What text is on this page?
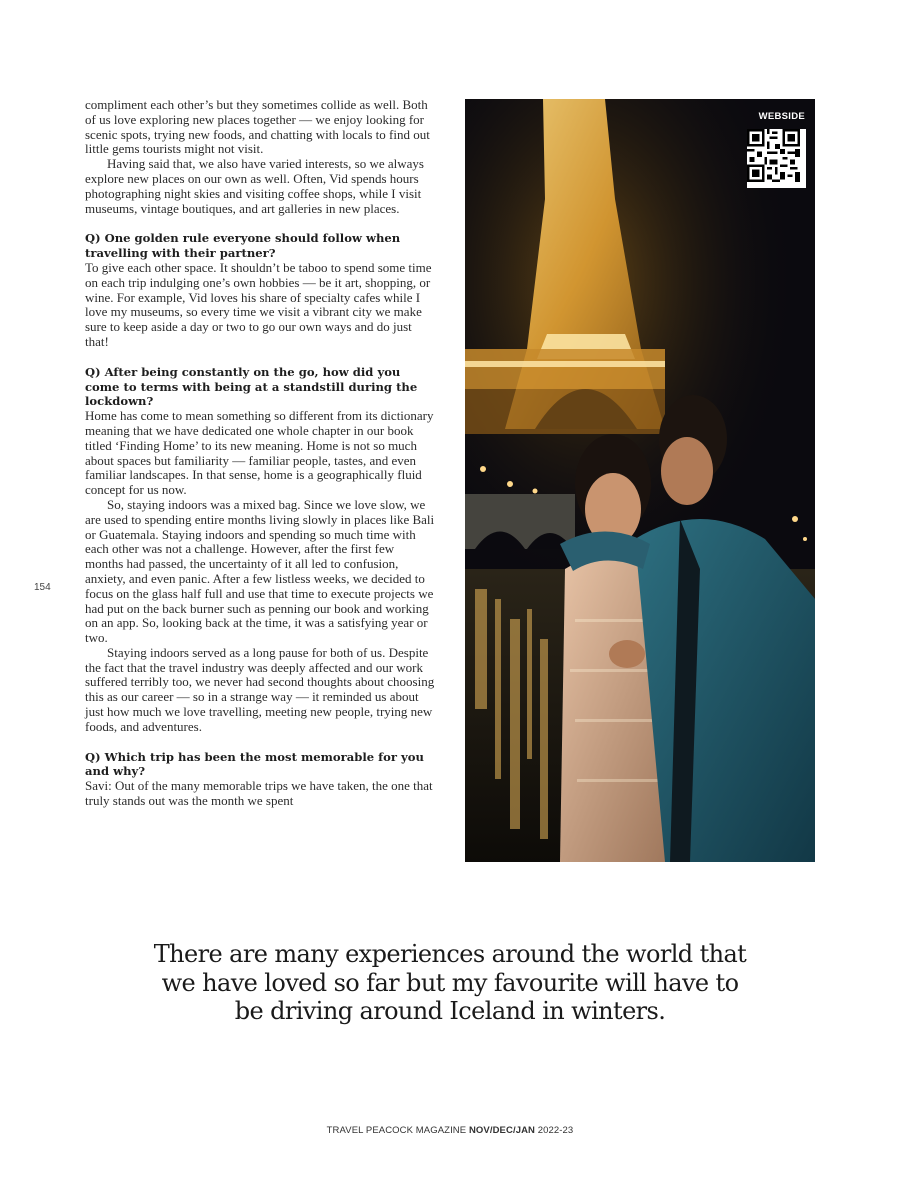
compliment each other’s but they sometimes collide as well. Both of us love exploring new places together — we enjoy looking for scenic spots, trying new foods, and chatting with locals to find out little gems tourists might not visit.

Having said that, we also have varied interests, so we always explore new places on our own as well. Often, Vid spends hours photographing night skies and visiting coffee shops, while I visit museums, vintage boutiques, and art galleries in new places.

Q) One golden rule everyone should follow when travelling with their partner?

To give each other space. It shouldn’t be taboo to spend some time on each trip indulging one’s own hobbies — be it art, shopping, or wine. For example, Vid loves his share of specialty cafes while I love my museums, so every time we visit a vibrant city we make sure to keep aside a day or two to go our own ways and do just that!

Q) After being constantly on the go, how did you come to terms with being at a standstill during the lockdown?

Home has come to mean something so different from its dictionary meaning that we have dedicated one whole chapter in our book titled ‘Finding Home’ to its new meaning. Home is not so much about spaces but familiarity — familiar people, tastes, and even familiar landscapes. In that sense, home is a geographically fluid concept for us now.

So, staying indoors was a mixed bag. Since we love slow, we are used to spending entire months living slowly in places like Bali or Guatemala. Staying indoors and spending so much time with each other was not a challenge. However, after the first few months had passed, the uncertainty of it all led to confusion, anxiety, and even panic. After a few listless weeks, we decided to focus on the glass half full and use that time to execute projects we had put on the back burner such as penning our book and working on an app. So, looking back at the time, it was a satisfying year or two.

Staying indoors served as a long pause for both of us. Despite the fact that the travel industry was deeply affected and our work suffered terribly too, we never had second thoughts about choosing this as our career — so in a strange way — it reminded us about just how much we love travelling, meeting new people, trying new foods, and adventures.

Q) Which trip has been the most memorable for you and why?

Savi: Out of the many memorable trips we have taken, the one that truly stands out was the month we spent

154
WEBSIDE
There are many experiences around the world that we have loved so far but my favourite will have to be driving around Iceland in winters.
TRAVEL PEACOCK MAGAZINE NOV/DEC/JAN 2022-23
